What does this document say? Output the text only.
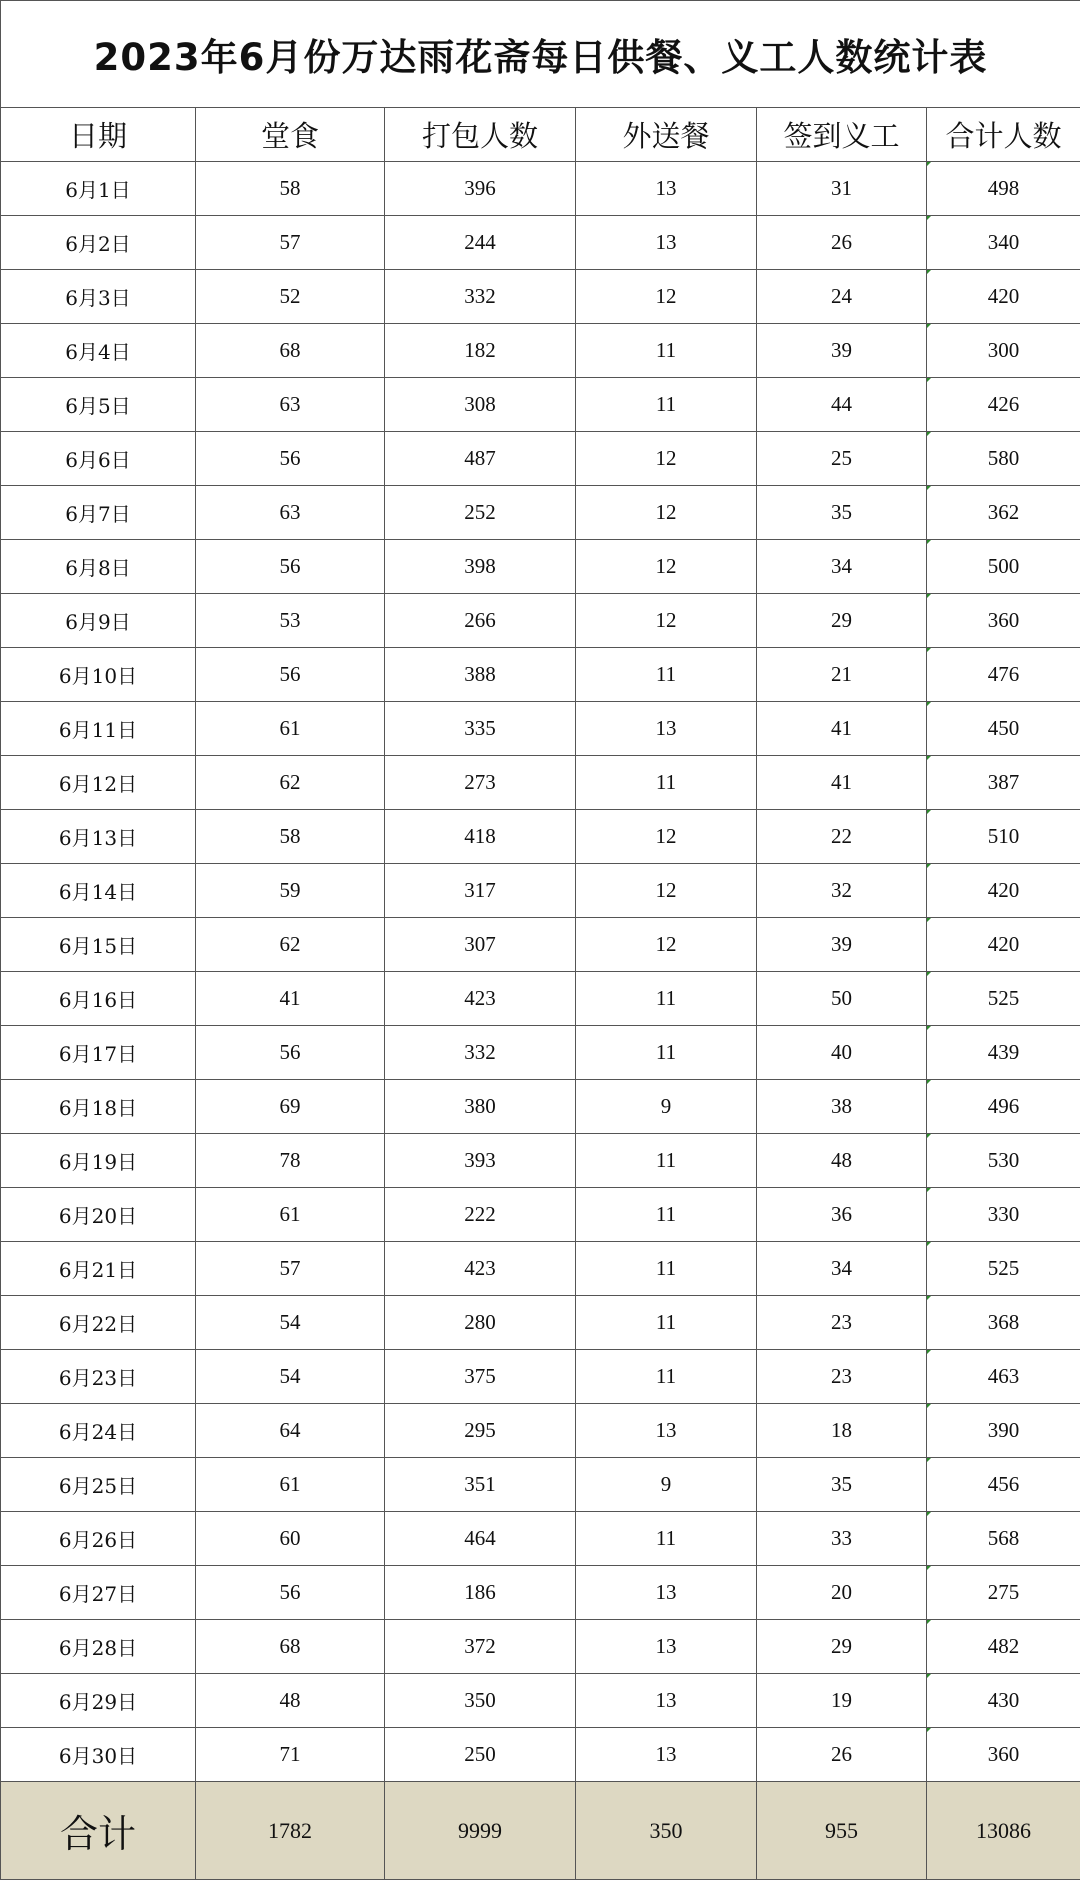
2023年6月份万达雨花斋每日供餐、义工人数统计表					
日期	堂食	打包人数	外送餐	签到义工	合计人数
6月1日	58	396	13	31	498
6月2日	57	244	13	26	340
6月3日	52	332	12	24	420
6月4日	68	182	11	39	300
6月5日	63	308	11	44	426
6月6日	56	487	12	25	580
6月7日	63	252	12	35	362
6月8日	56	398	12	34	500
6月9日	53	266	12	29	360
6月10日	56	388	11	21	476
6月11日	61	335	13	41	450
6月12日	62	273	11	41	387
6月13日	58	418	12	22	510
6月14日	59	317	12	32	420
6月15日	62	307	12	39	420
6月16日	41	423	11	50	525
6月17日	56	332	11	40	439
6月18日	69	380	9	38	496
6月19日	78	393	11	48	530
6月20日	61	222	11	36	330
6月21日	57	423	11	34	525
6月22日	54	280	11	23	368
6月23日	54	375	11	23	463
6月24日	64	295	13	18	390
6月25日	61	351	9	35	456
6月26日	60	464	11	33	568
6月27日	56	186	13	20	275
6月28日	68	372	13	29	482
6月29日	48	350	13	19	430
6月30日	71	250	13	26	360
合计	1782	9999	350	955	13086
